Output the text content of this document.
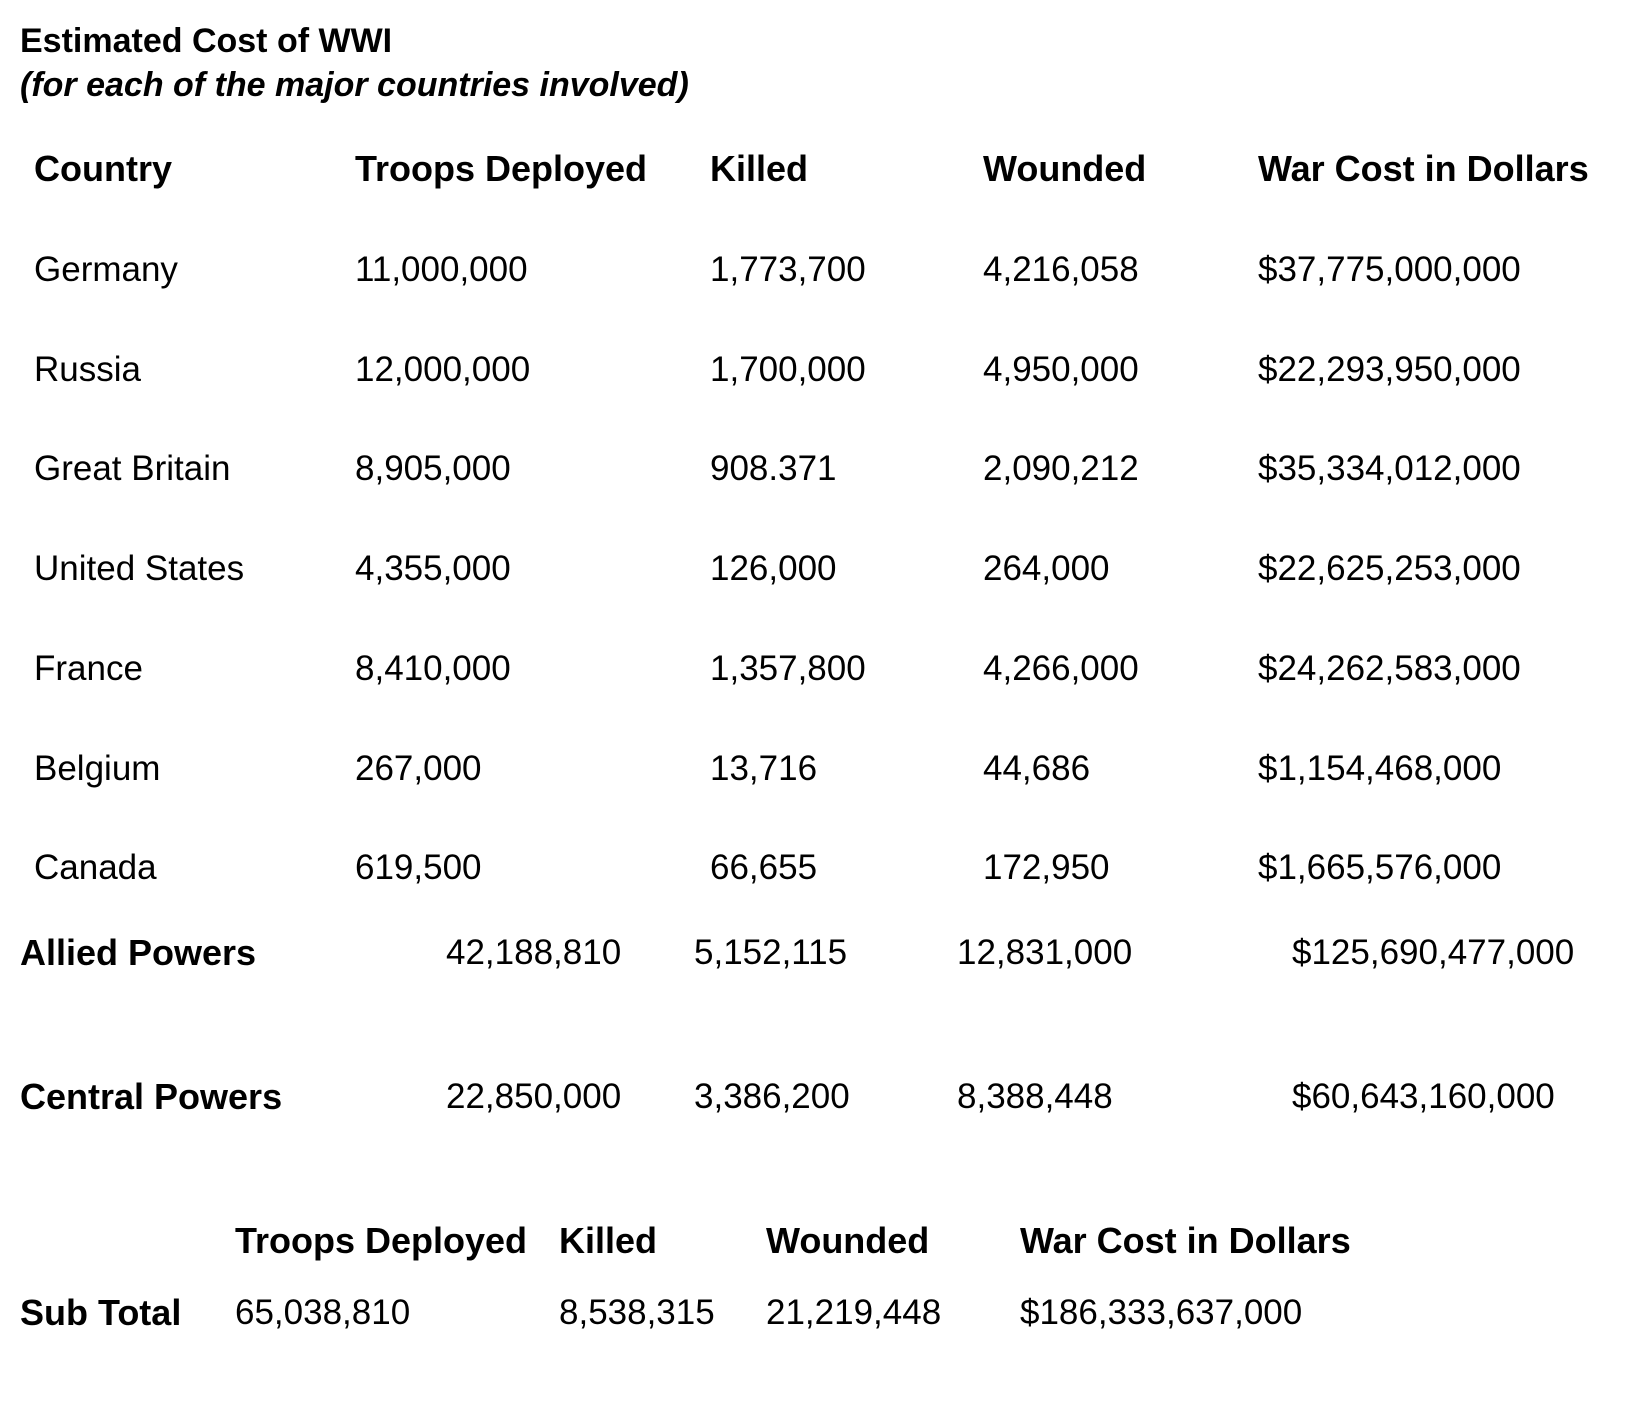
Estimated Cost of WWI
(for each of the major countries involved)
Country	Troops Deployed Killed	Wounded	War Cost in Dollars
Germany	11,000,000	1,773,700	4,216,058	$37,775,000,000
Russia	12,000,000	1,700,000	4,950,000	$22,293,950,000
Great Britain	8,905,000	908.371	2,090,212	$35,334,012,000
United States	4,355,000	126,000	264,000	$22,625,253,000
France	8,410,000	1,357,800	4,266,000	$24,262,583,000
Belgium	267,000	13,716	44,686	$1,154,468,000
Canada	619,500	66,655	172,950	$1,665,576,000
Allied Powers	42,188,810 5,152,115	12,831,000	$125,690,477,000
Central Powers	22,850,000 3,386,200	8,388,448	$60,643,160,000
Troops Deployed Killed	Wounded	War Cost in Dollars
Sub Total 65,038,810	8,538,315 21,219,448 $186,333,637,000
